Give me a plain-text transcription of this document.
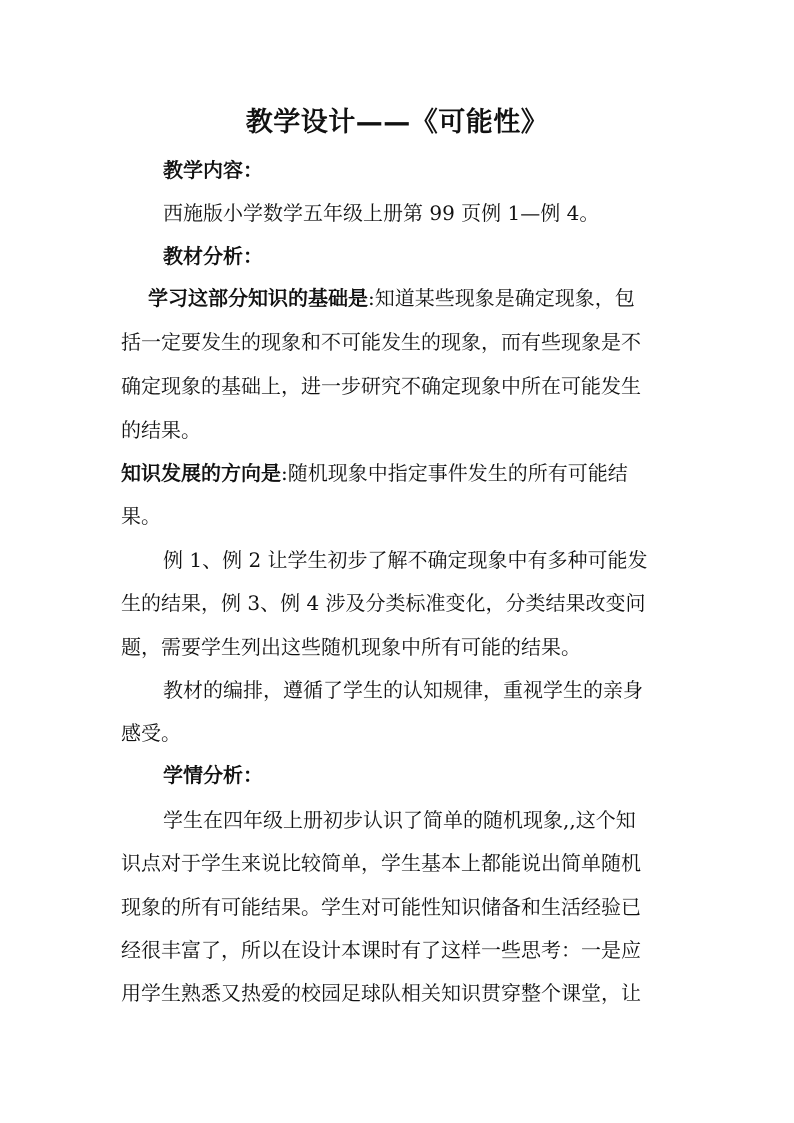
教学设计——《可能性》
教学内容：
西施版小学数学五年级上册第 99 页例 1—例 4。
教材分析：
学习这部分知识的基础是:知道某些现象是确定现象，包
括一定要发生的现象和不可能发生的现象，而有些现象是不
确定现象的基础上，进一步研究不确定现象中所在可能发生
的结果。
知识发展的方向是:随机现象中指定事件发生的所有可能结
果。
例 1、例 2 让学生初步了解不确定现象中有多种可能发
生的结果，例 3、例 4 涉及分类标准变化，分类结果改变问
题，需要学生列出这些随机现象中所有可能的结果。
教材的编排，遵循了学生的认知规律，重视学生的亲身
感受。
学情分析：
学生在四年级上册初步认识了简单的随机现象,,这个知
识点对于学生来说比较简单，学生基本上都能说出简单随机
现象的所有可能结果。学生对可能性知识储备和生活经验已
经很丰富了，所以在设计本课时有了这样一些思考：一是应
用学生熟悉又热爱的校园足球队相关知识贯穿整个课堂，让
